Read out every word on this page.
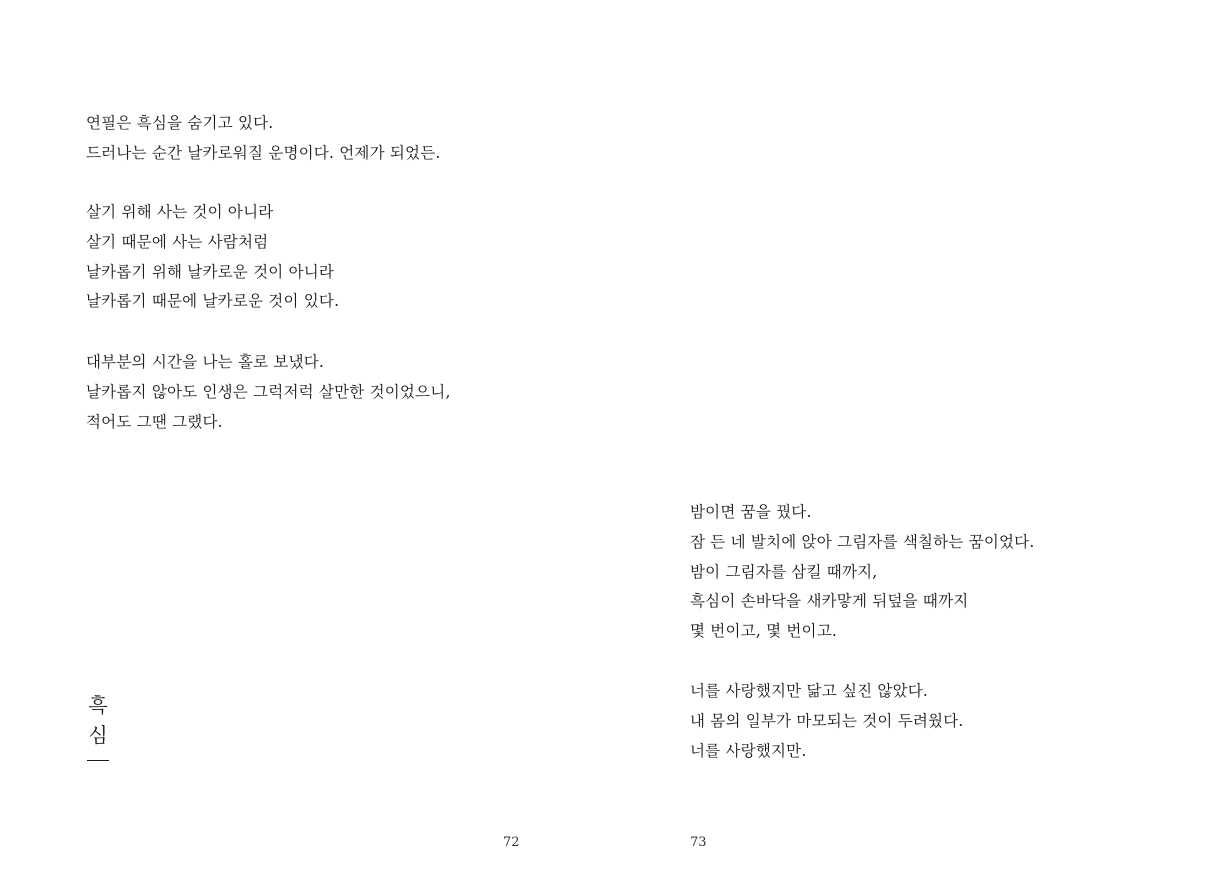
연필은 흑심을 숨기고 있다.
드러나는 순간 날카로워질 운명이다. 언제가 되었든.

살기 위해 사는 것이 아니라
살기 때문에 사는 사람처럼
날카롭기 위해 날카로운 것이 아니라
날카롭기 때문에 날카로운 것이 있다.

대부분의 시간을 나는 홀로 보냈다.
날카롭지 않아도 인생은 그럭저럭 살만한 것이었으니,
적어도 그땐 그랬다.

흑
심
72

밤이면 꿈을 꿨다.
잠 든 네 발치에 앉아 그림자를 색칠하는 꿈이었다.
밤이 그림자를 삼킬 때까지,
흑심이 손바닥을 새카맣게 뒤덮을 때까지
몇 번이고, 몇 번이고.

너를 사랑했지만 닮고 싶진 않았다.
내 몸의 일부가 마모되는 것이 두려웠다.
너를 사랑했지만.

73
